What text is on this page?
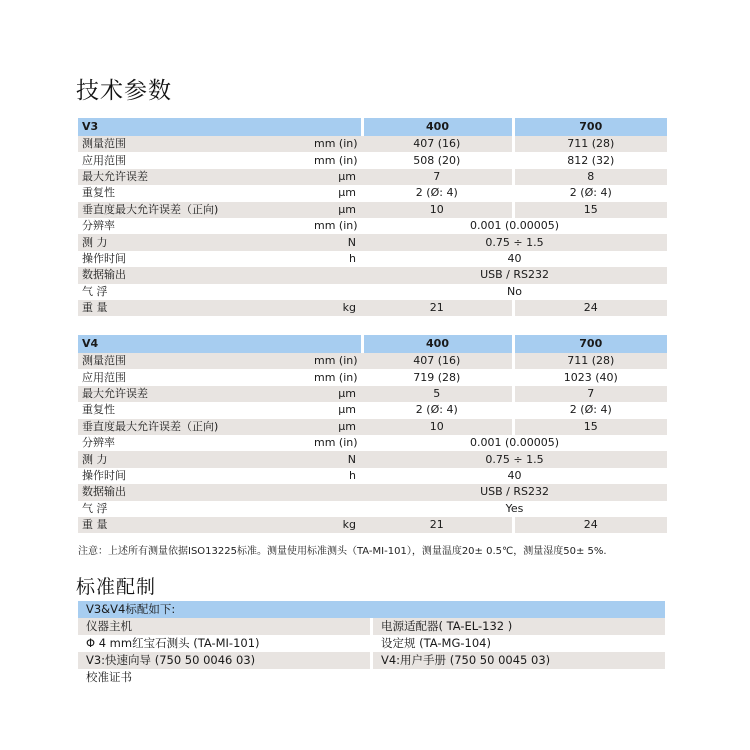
技术参数
V3		400	700
测量范围	mm (in)	407 (16)	711 (28)
应用范围	mm (in)	508 (20)	812 (32)
最大允许误差	µm	7	8
重复性	µm	2 (Ø: 4)	2 (Ø: 4)
垂直度最大允许误差（正向)	µm	10	15
分辨率	mm (in)	0.001 (0.00005)	
测 力	N	0.75 ÷ 1.5	
操作时间	h	40	
数据输出		USB / RS232	
气 浮		No	
重 量	kg	21	24
V4		400	700
测量范围	mm (in)	407 (16)	711 (28)
应用范围	mm (in)	719 (28)	1023 (40)
最大允许误差	µm	5	7
重复性	µm	2 (Ø: 4)	2 (Ø: 4)
垂直度最大允许误差（正向)	µm	10	15
分辨率	mm (in)	0.001 (0.00005)	
测 力	N	0.75 ÷ 1.5	
操作时间	h	40	
数据输出		USB / RS232	
气 浮		Yes	
重 量	kg	21	24
注意：上述所有测量依据ISO13225标准。测量使用标准测头（TA-MI-101），测量温度20± 0.5℃，测量湿度50± 5%.
标准配制
V3&V4标配如下:	
仪器主机	电源适配器( TA-EL-132 )
Φ 4 mm红宝石测头 (TA-MI-101)	设定规 (TA-MG-104)
V3:快速向导 (750 50 0046 03)	V4:用户手册 (750 50 0045 03)
校准证书	
